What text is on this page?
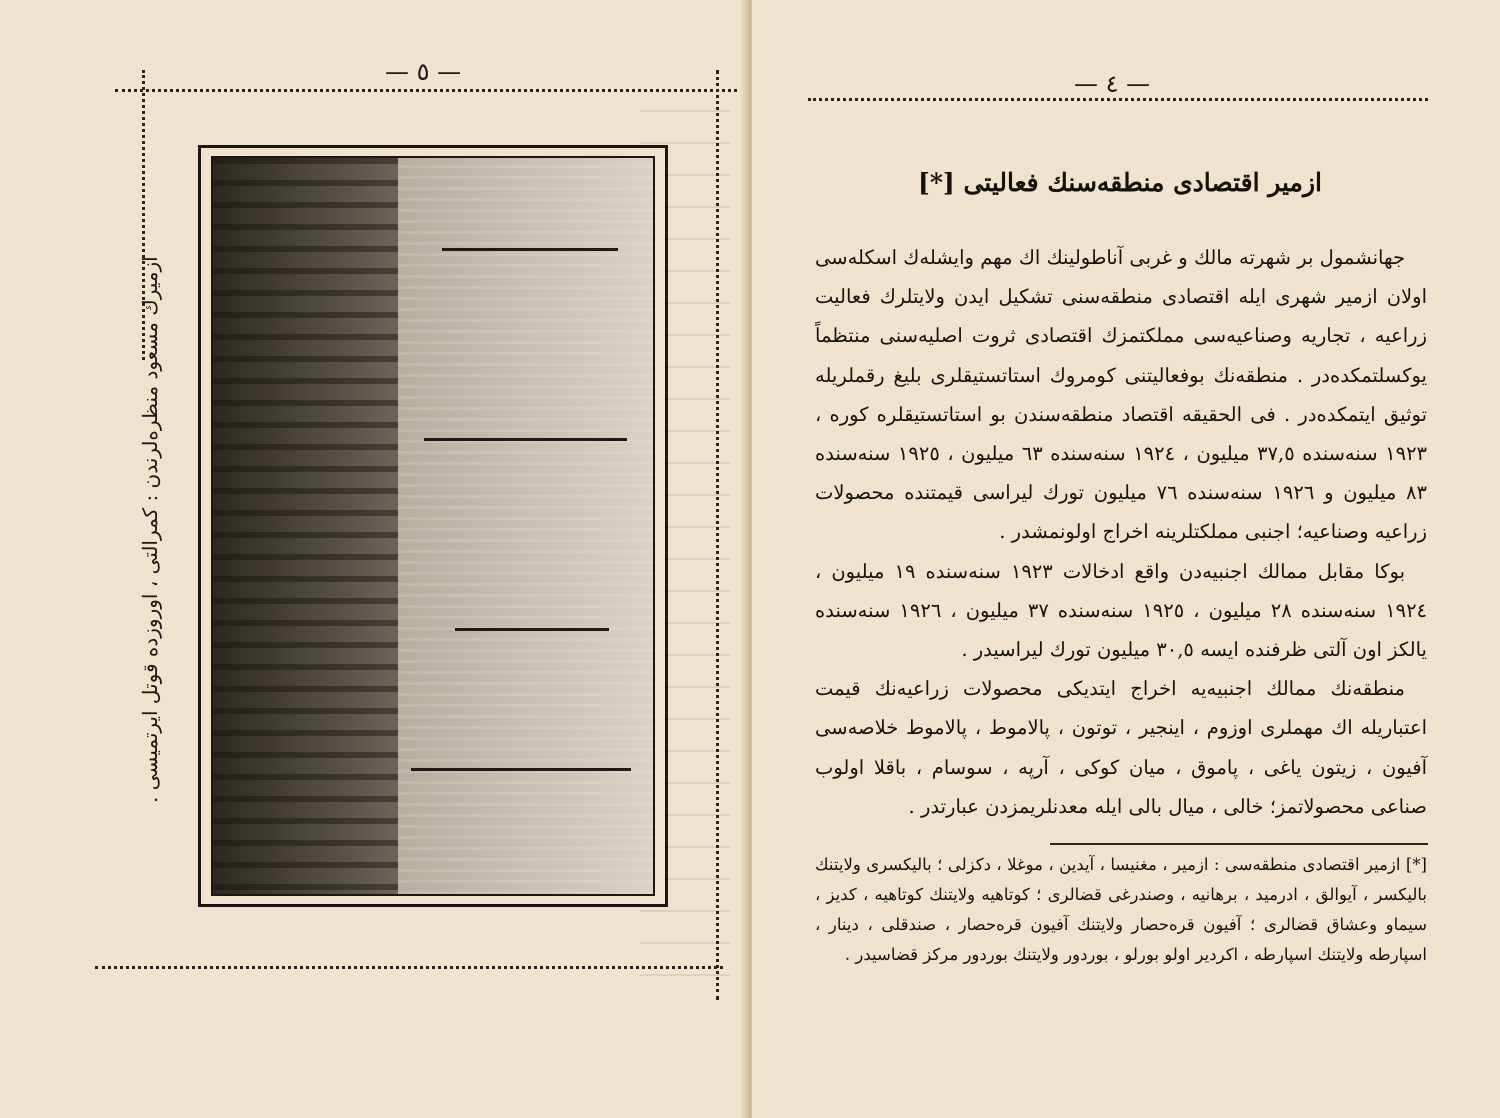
— ٥ —
ازمیرك مسعود منظره‌لرندن : كمرالتی ، اوروزده قوتل ایرتمیسی .
— ٤ —
ازمیر اقتصادی منطقه‌سنك فعالیتی [*]

جهانشمول بر شهرته مالك و غربی آناطولینك اك مهم وایشله‌ك اسکله‌سی اولان ازمیر شهری ایله اقتصادی منطقه‌سنی تشکیل ایدن ولایتلرك فعالیت زراعیه ، تجاریه وصناعیه‌سی مملکتمزك اقتصادی ثروت اصلیه‌سنی منتظماً یوكسلتمكده‌در . منطقه‌نك بوفعالیتنی كومروك استاتستیقلری بلیغ رقملریله توثیق ایتمكده‌در . فی الحقیقه اقتصاد منطقه‌سندن بو استاتستیقلره كوره ، ١٩٢٣ سنه‌سنده ٣٧,٥ میلیون ، ١٩٢٤ سنه‌سنده ٦٣ میلیون ، ١٩٢٥ سنه‌سنده ٨٣ میلیون و ١٩٢٦ سنه‌سنده ٧٦ میلیون تورك لیراسی قیمتنده محصولات زراعیه وصناعیه؛ اجنبی مملكتلرینه اخراج اولونمشدر .

بوكا مقابل ممالك اجنبیه‌دن واقع ادخالات ١٩٢٣ سنه‌سنده ١٩ میلیون ، ١٩٢٤ سنه‌سنده ٢٨ میلیون ، ١٩٢٥ سنه‌سنده ٣٧ میلیون ، ١٩٢٦ سنه‌سنده یالكز اون آلتی ظرفنده ایسه ٣٠,٥ میلیون تورك لیراسیدر .

منطقه‌نك ممالك اجنبیه‌یه اخراج ایتدیكی محصولات زراعیه‌نك قیمت اعتباریله اك مهملری اوزوم ، اینجیر ، توتون ، پالاموط ، پالاموط خلاصه‌سی آفیون ، زیتون یاغی ، پاموق ، میان كوكی ، آرپه ، سوسام ، باقلا اولوب صناعی محصولاتمز؛ خالی ، میال بالی ایله معدنلریمزدن عبارتدر .

[*] ازمیر اقتصادی منطقه‌سی : ازمیر ، مغنیسا ، آیدین ، موغلا ، دكزلی ؛ بالیكسری ولایتنك بالیكسر ، آیوالق ، ادرمید ، برهانیه ، وصندرغی قضالری ؛ كوتاهیه ولایتنك كوتاهیه ، كدیز ، سیماو وعشاق قضالری ؛ آفیون قره‌حصار ولایتنك آفیون قره‌حصار ، صندقلی ، دینار ، اسپارطه ولایتنك اسپارطه ، اكردیر اولو بورلو ، بوردور ولایتنك بوردور مركز قضاسیدر .
